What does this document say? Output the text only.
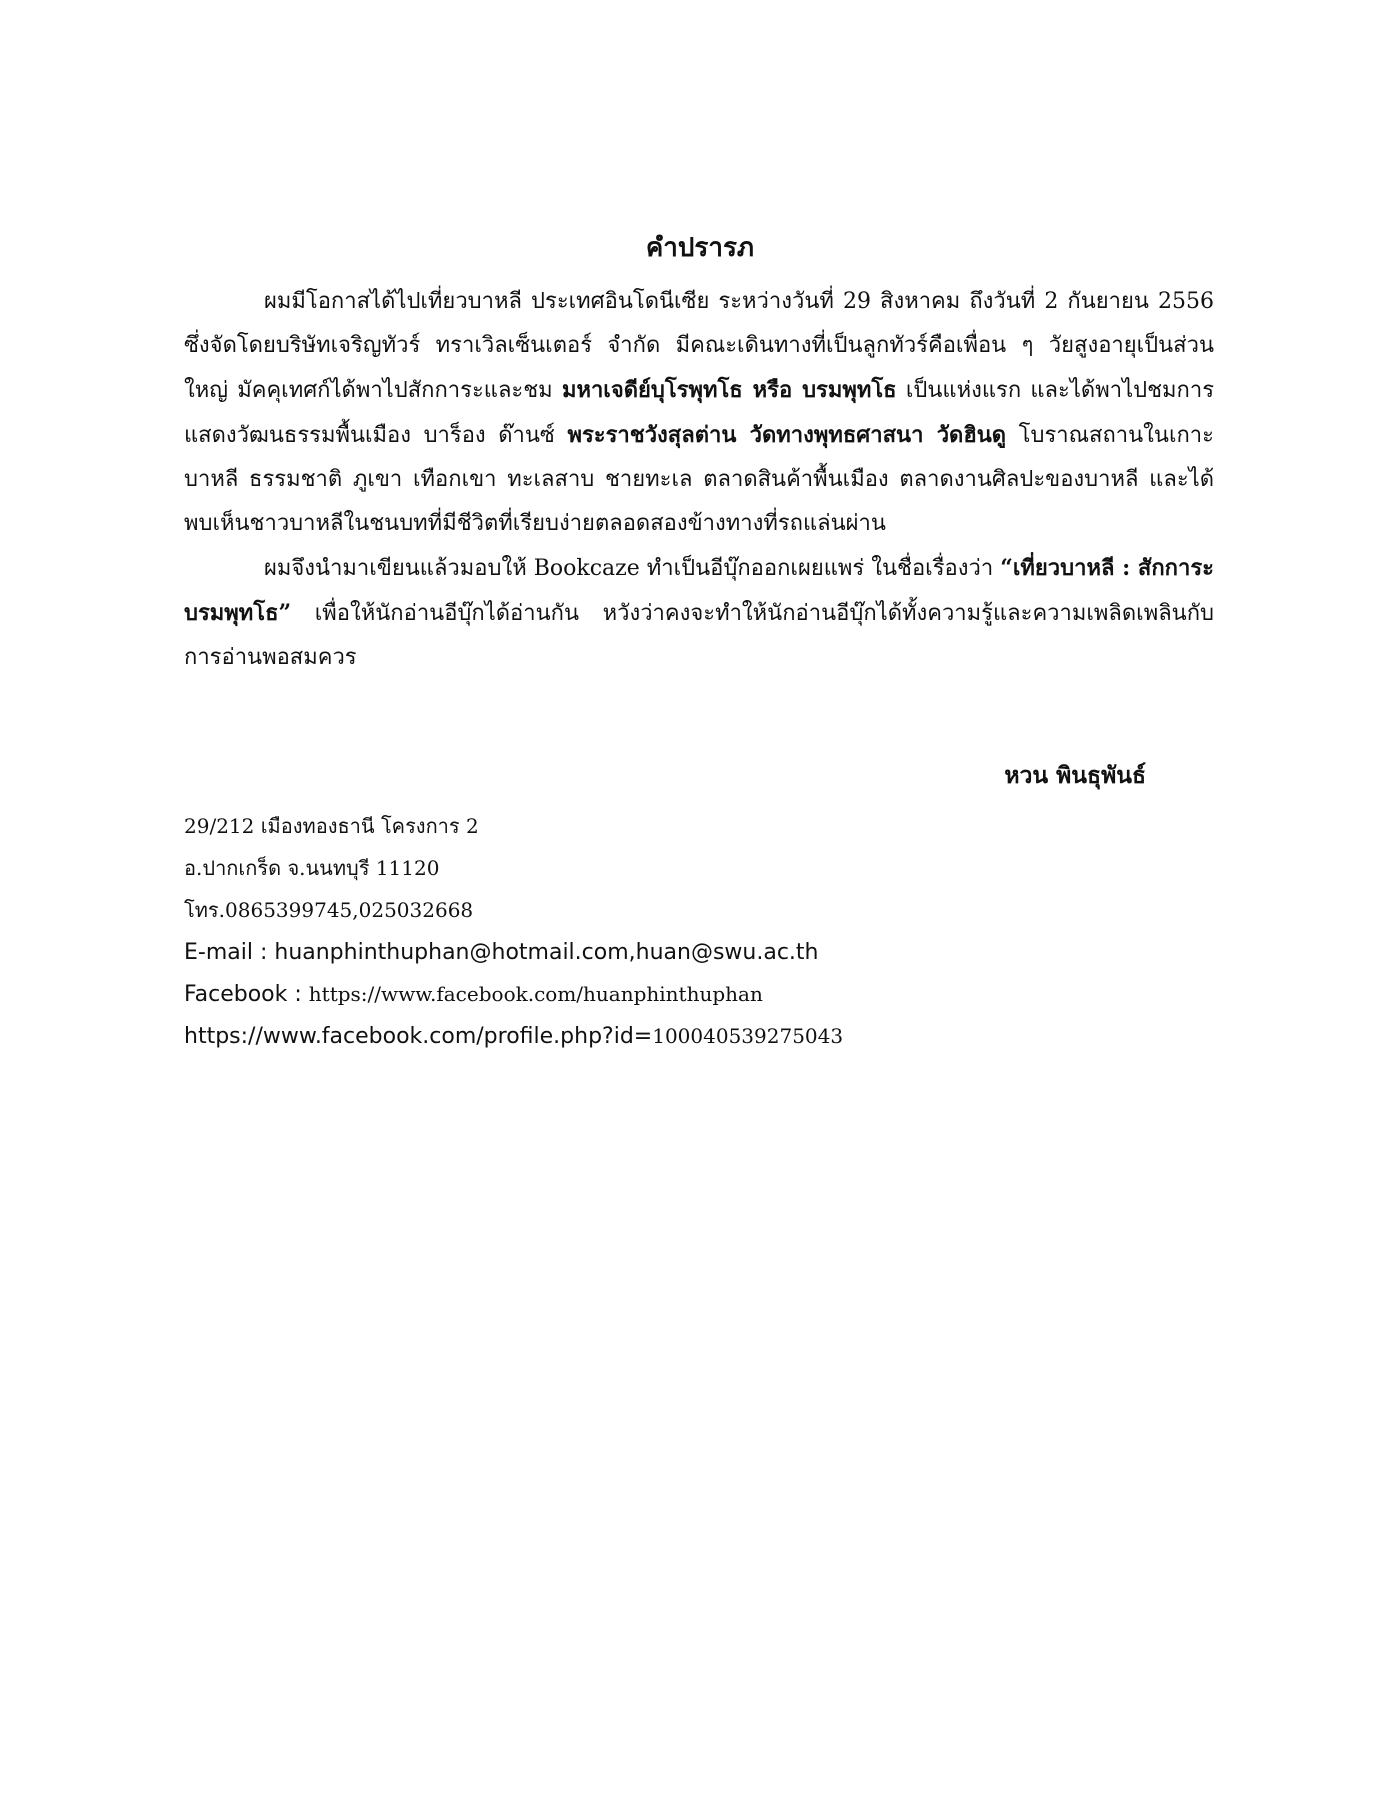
คำปรารภ

ผมมีโอกาสได้ไปเที่ยวบาหลี ประเทศอินโดนีเซีย ระหว่างวันที่ 29 สิงหาคม ถึงวันที่ 2 กันยายน 2556 ซึ่งจัดโดยบริษัทเจริญทัวร์ ทราเวิลเซ็นเตอร์ จำกัด มีคณะเดินทางที่เป็นลูกทัวร์คือเพื่อน ๆ วัยสูงอายุเป็นส่วนใหญ่ มัคคุเทศก์ได้พาไปสักการะและชม มหาเจดีย์บุโรพุทโธ หรือ บรมพุทโธ เป็นแห่งแรก และได้พาไปชมการแสดงวัฒนธรรมพื้นเมือง บาร็อง ด๊านซ์ พระราชวังสุลต่าน วัดทางพุทธศาสนา วัดฮินดู โบราณสถานในเกาะบาหลี ธรรมชาติ ภูเขา เทือกเขา ทะเลสาบ ชายทะเล ตลาดสินค้าพื้นเมือง ตลาดงานศิลปะของบาหลี และได้พบเห็นชาวบาหลีในชนบทที่มีชีวิตที่เรียบง่ายตลอดสองข้างทางที่รถแล่นผ่าน

ผมจึงนำมาเขียนแล้วมอบให้ Bookcaze ทำเป็นอีบุ๊กออกเผยแพร่ ในชื่อเรื่องว่า “เที่ยวบาหลี : สักการะบรมพุทโธ” เพื่อให้นักอ่านอีบุ๊กได้อ่านกัน หวังว่าคงจะทำให้นักอ่านอีบุ๊กได้ทั้งความรู้และความเพลิดเพลินกับการอ่านพอสมควร

หวน พินธุพันธ์
29/212 เมืองทองธานี โครงการ 2
อ.ปากเกร็ด จ.นนทบุรี 11120
โทร.0865399745,025032668
E-mail : huanphinthuphan@hotmail.com,huan@swu.ac.th
Facebook : https://www.facebook.com/huanphinthuphan
https://www.facebook.com/profile.php?id=100040539275043
